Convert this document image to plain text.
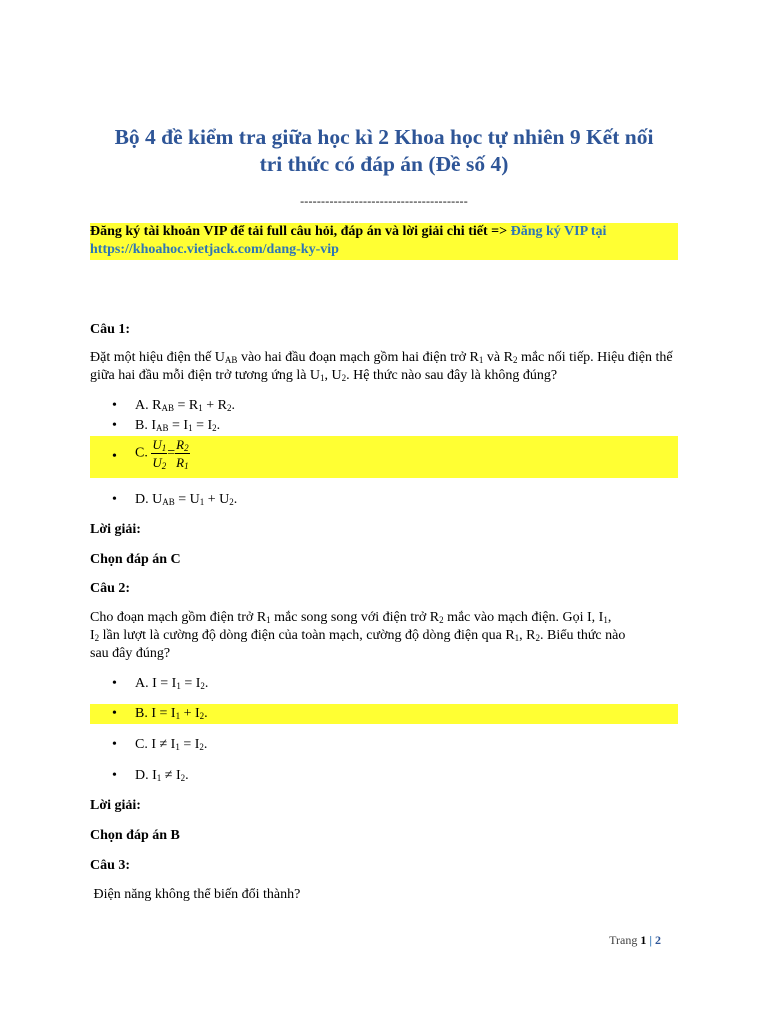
Bộ 4 đề kiểm tra giữa học kì 2 Khoa học tự nhiên 9 Kết nối
tri thức có đáp án (Đề số 4)
----------------------------------------
Đăng ký tài khoản VIP để tải full câu hỏi, đáp án và lời giải chi tiết => Đăng ký VIP tại https://khoahoc.vietjack.com/dang-ky-vip
Câu 1:
Đặt một hiệu điện thế $U_{AB}$ vào hai đầu đoạn mạch gồm hai điện trở $R_1$ và $R_2$ mắc nối tiếp. Hiệu điện thế giữa hai đầu mỗi điện trở tương ứng là $U_1$, $U_2$. Hệ thức nào sau đây là không đúng?
• A. $R_{AB} = R_1 + R_2$.
• B. $I_{AB} = I_1 = I_2$.
• C. $\frac{U_1}{U_2} = \frac{R_2}{R_1}$
• D. $U_{AB} = U_1 + U_2$.
Lời giải:
Chọn đáp án C
Câu 2:
Cho đoạn mạch gồm điện trở $R_1$ mắc song song với điện trở $R_2$ mắc vào mạch điện. Gọi I, $I_1$,
$I_2$ lần lượt là cường độ dòng điện của toàn mạch, cường độ dòng điện qua $R_1$, $R_2$. Biểu thức nào
sau đây đúng?
• A. $I = I_1 = I_2$.
• B. $I = I_1 + I_2$.
• C. $I \ne I_1 = I_2$.
• D. $I_1 \ne I_2$.
Lời giải:
Chọn đáp án B
Câu 3:
Điện năng không thể biến đổi thành?
Trang 1 | 2
